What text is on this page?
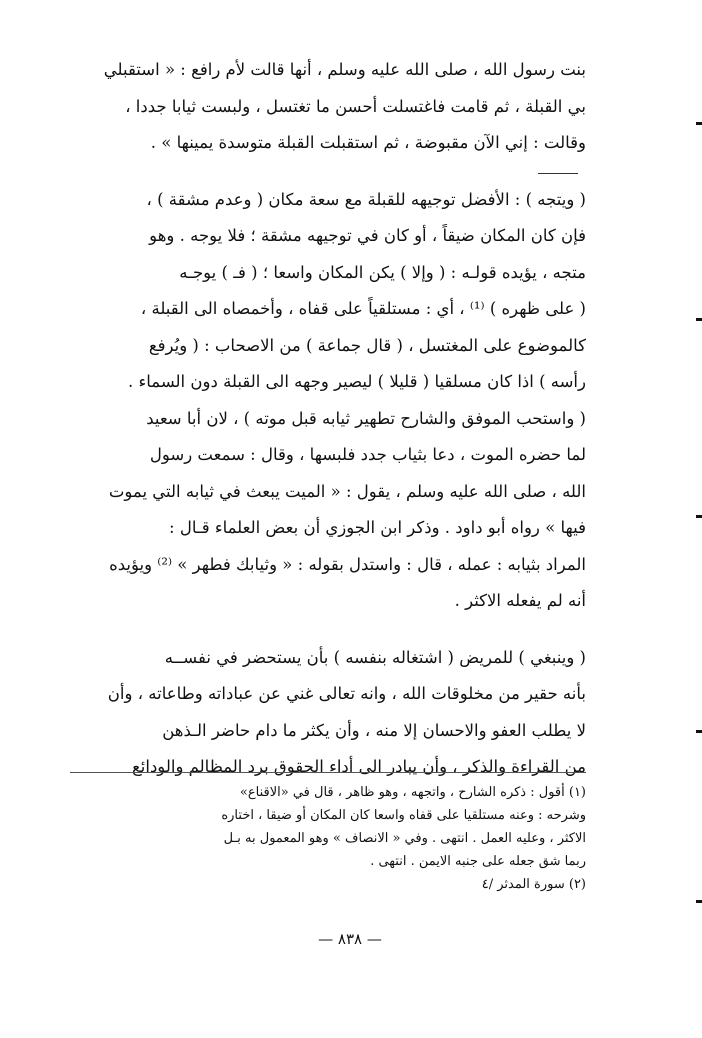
بنت رسول الله ، صلى الله عليه وسلم ، أنها قالت لأم رافع : « استقبلي
بي القبلة ، ثم قامت فاغتسلت أحسن ما تغتسل ، ولبست ثيابا جددا ،
وقالت : إني الآن مقبوضة ، ثم استقبلت القبلة متوسدة يمينها » .
( ويتجه ) : الأفضل توجيهه للقبلة مع سعة مكان ( وعدم مشقة ) ،
فإن كان المكان ضيقاً ، أو كان في توجيهه مشقة ؛ فلا يوجه . وهو
متجه ، يؤيده قولـه : ( وإلا ) يكن المكان واسعا ؛ ( فـ ) يوجـه
( على ظهره ) ⁽¹⁾ ، أي : مستلقياً على قفاه ، وأخمصاه الى القبلة ،
كالموضوع على المغتسل ، ( قال جماعة ) من الاصحاب : ( ويُرفع
رأسه ) اذا كان مسلقيا ( قليلا ) ليصير وجهه الى القبلة دون السماء .
( واستحب الموفق والشارح تطهير ثيابه قبل موته ) ، لان أبا سعيد
لما حضره الموت ، دعا بثياب جدد فلبسها ، وقال : سمعت رسول
الله ، صلى الله عليه وسلم ، يقول : « الميت يبعث في ثيابه التي يموت
فيها » رواه أبو داود . وذكر ابن الجوزي أن بعض العلماء قـال :
المراد بثيابه : عمله ، قال : واستدل بقوله : « وثيابك فطهر » ⁽²⁾ ويؤيده
أنه لم يفعله الاكثر .
( وينبغي ) للمريض ( اشتغاله بنفسه ) بأن يستحضر في نفســه
بأنه حقير من مخلوقات الله ، وانه تعالى غني عن عباداته وطاعاته ، وأن
لا يطلب العفو والاحسان إلا منه ، وأن يكثر ما دام حاضر الـذهن
من القراءة والذكر ، وأن يبادر الى أداء الحقوق برد المظالم والودائع
(١) أقول : ذكره الشارح ، واتجهه ، وهو ظاهر ، قال في «الاقناع»
وشرحه : وعنه مستلقيا على قفاه واسعا كان المكان أو ضيقا ، اختاره
الاكثر ، وعليه العمل . انتهى . وفي « الانصاف » وهو المعمول به بـل
ربما شق جعله على جنبه الايمن . انتهى .
(٢) سورة المدثر /٤
— ٨٣٨ —
